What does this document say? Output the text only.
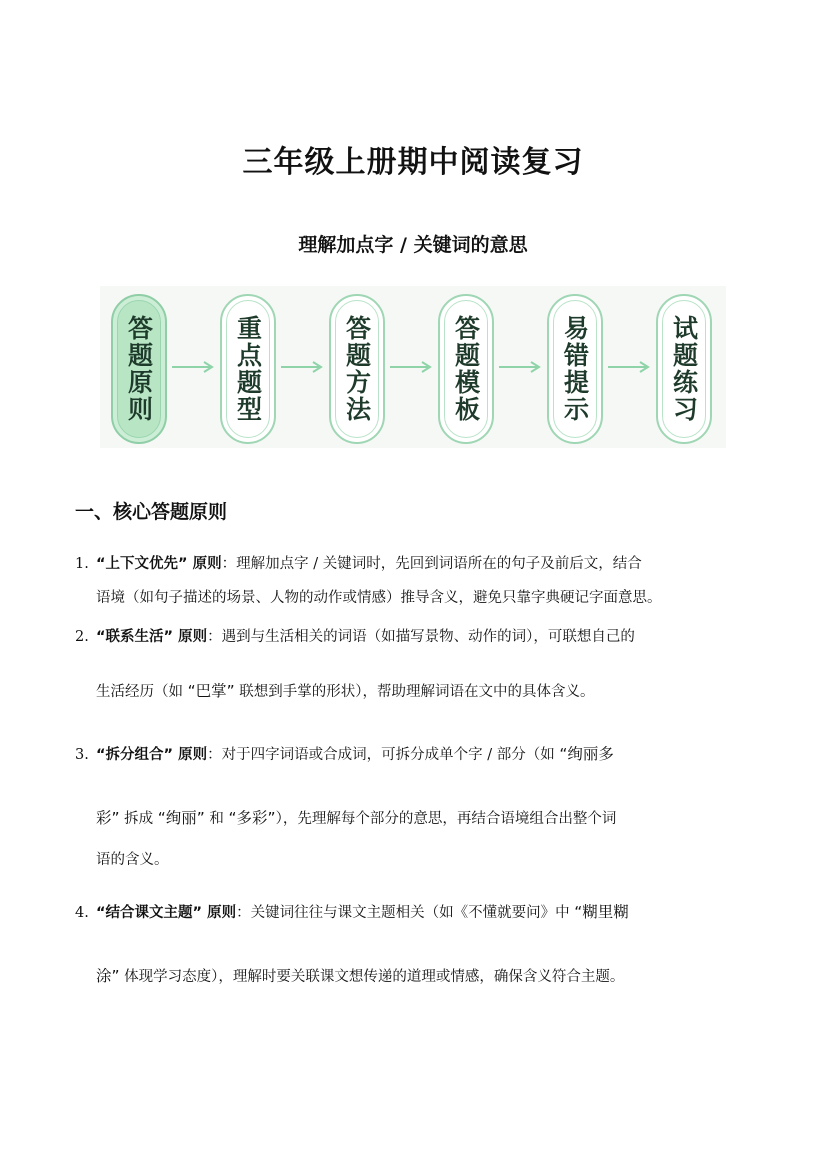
三年级上册期中阅读复习
理解加点字 / 关键词的意思
答题原则	重点题型	答题方法	答题模板	易错提示	试题练习
一、核心答题原则
1. “上下文优先” 原则：理解加点字 / 关键词时，先回到词语所在的句子及前后文，结合
语境（如句子描述的场景、人物的动作或情感）推导含义，避免只靠字典硬记字面意思。
2. “联系生活” 原则：遇到与生活相关的词语（如描写景物、动作的词），可联想自己的
生活经历（如 “巴掌” 联想到手掌的形状），帮助理解词语在文中的具体含义。
3. “拆分组合” 原则：对于四字词语或合成词，可拆分成单个字 / 部分（如 “绚丽多
彩” 拆成 “绚丽” 和 “多彩”），先理解每个部分的意思，再结合语境组合出整个词
语的含义。
4. “结合课文主题” 原则：关键词往往与课文主题相关（如《不懂就要问》中 “糊里糊
涂” 体现学习态度），理解时要关联课文想传递的道理或情感，确保含义符合主题。
